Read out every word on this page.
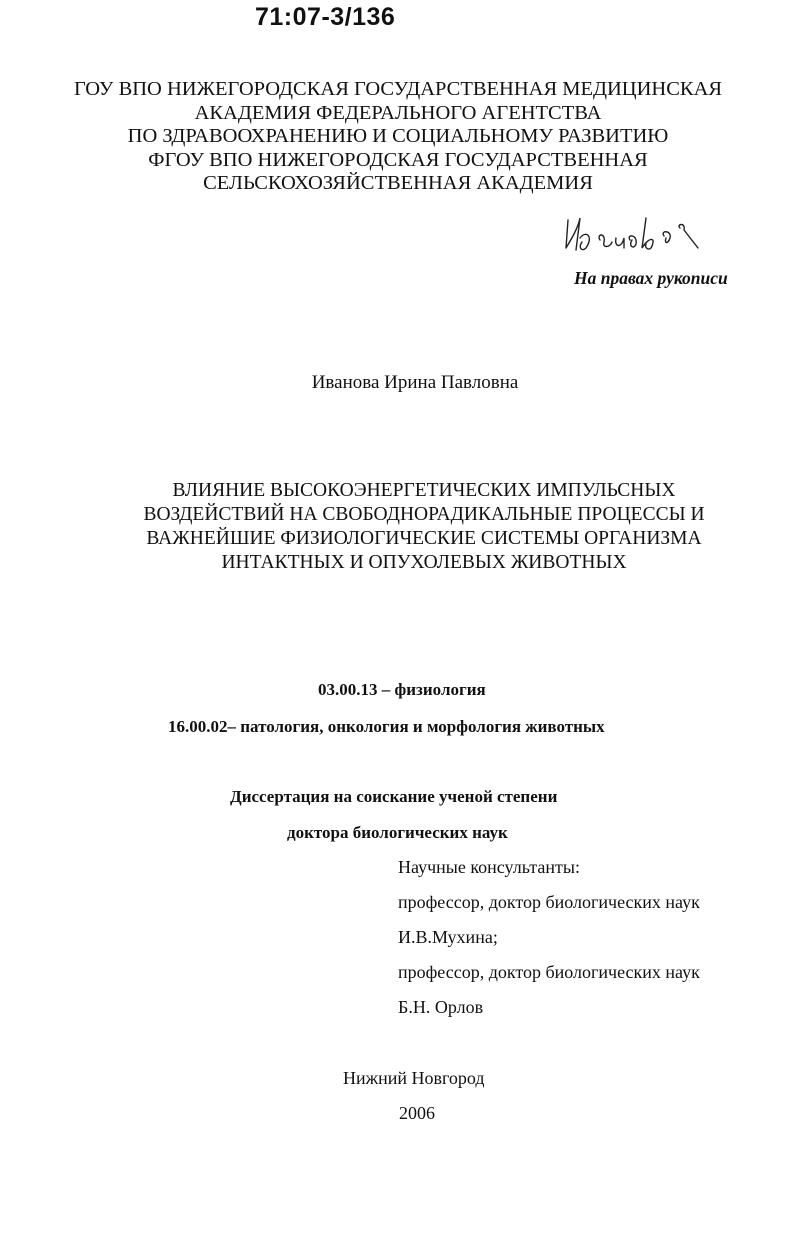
71:07-3/136
ГОУ ВПО НИЖЕГОРОДСКАЯ ГОСУДАРСТВЕННАЯ МЕДИЦИНСКАЯ
АКАДЕМИЯ ФЕДЕРАЛЬНОГО АГЕНТСТВА
ПО ЗДРАВООХРАНЕНИЮ И СОЦИАЛЬНОМУ РАЗВИТИЮ
ФГОУ ВПО НИЖЕГОРОДСКАЯ ГОСУДАРСТВЕННАЯ
СЕЛЬСКОХОЗЯЙСТВЕННАЯ АКАДЕМИЯ
На правах рукописи
Иванова Ирина Павловна
ВЛИЯНИЕ ВЫСОКОЭНЕРГЕТИЧЕСКИХ ИМПУЛЬСНЫХ
ВОЗДЕЙСТВИЙ НА СВОБОДНОРАДИКАЛЬНЫЕ ПРОЦЕССЫ И
ВАЖНЕЙШИЕ ФИЗИОЛОГИЧЕСКИЕ СИСТЕМЫ ОРГАНИЗМА
ИНТАКТНЫХ И ОПУХОЛЕВЫХ ЖИВОТНЫХ
03.00.13 – физиология
16.00.02– патология, онкология и морфология животных
Диссертация на соискание ученой степени
доктора биологических наук
Научные консультанты:
профессор, доктор биологических наук
И.В.Мухина;
профессор, доктор биологических наук
Б.Н. Орлов
Нижний Новгород
2006
